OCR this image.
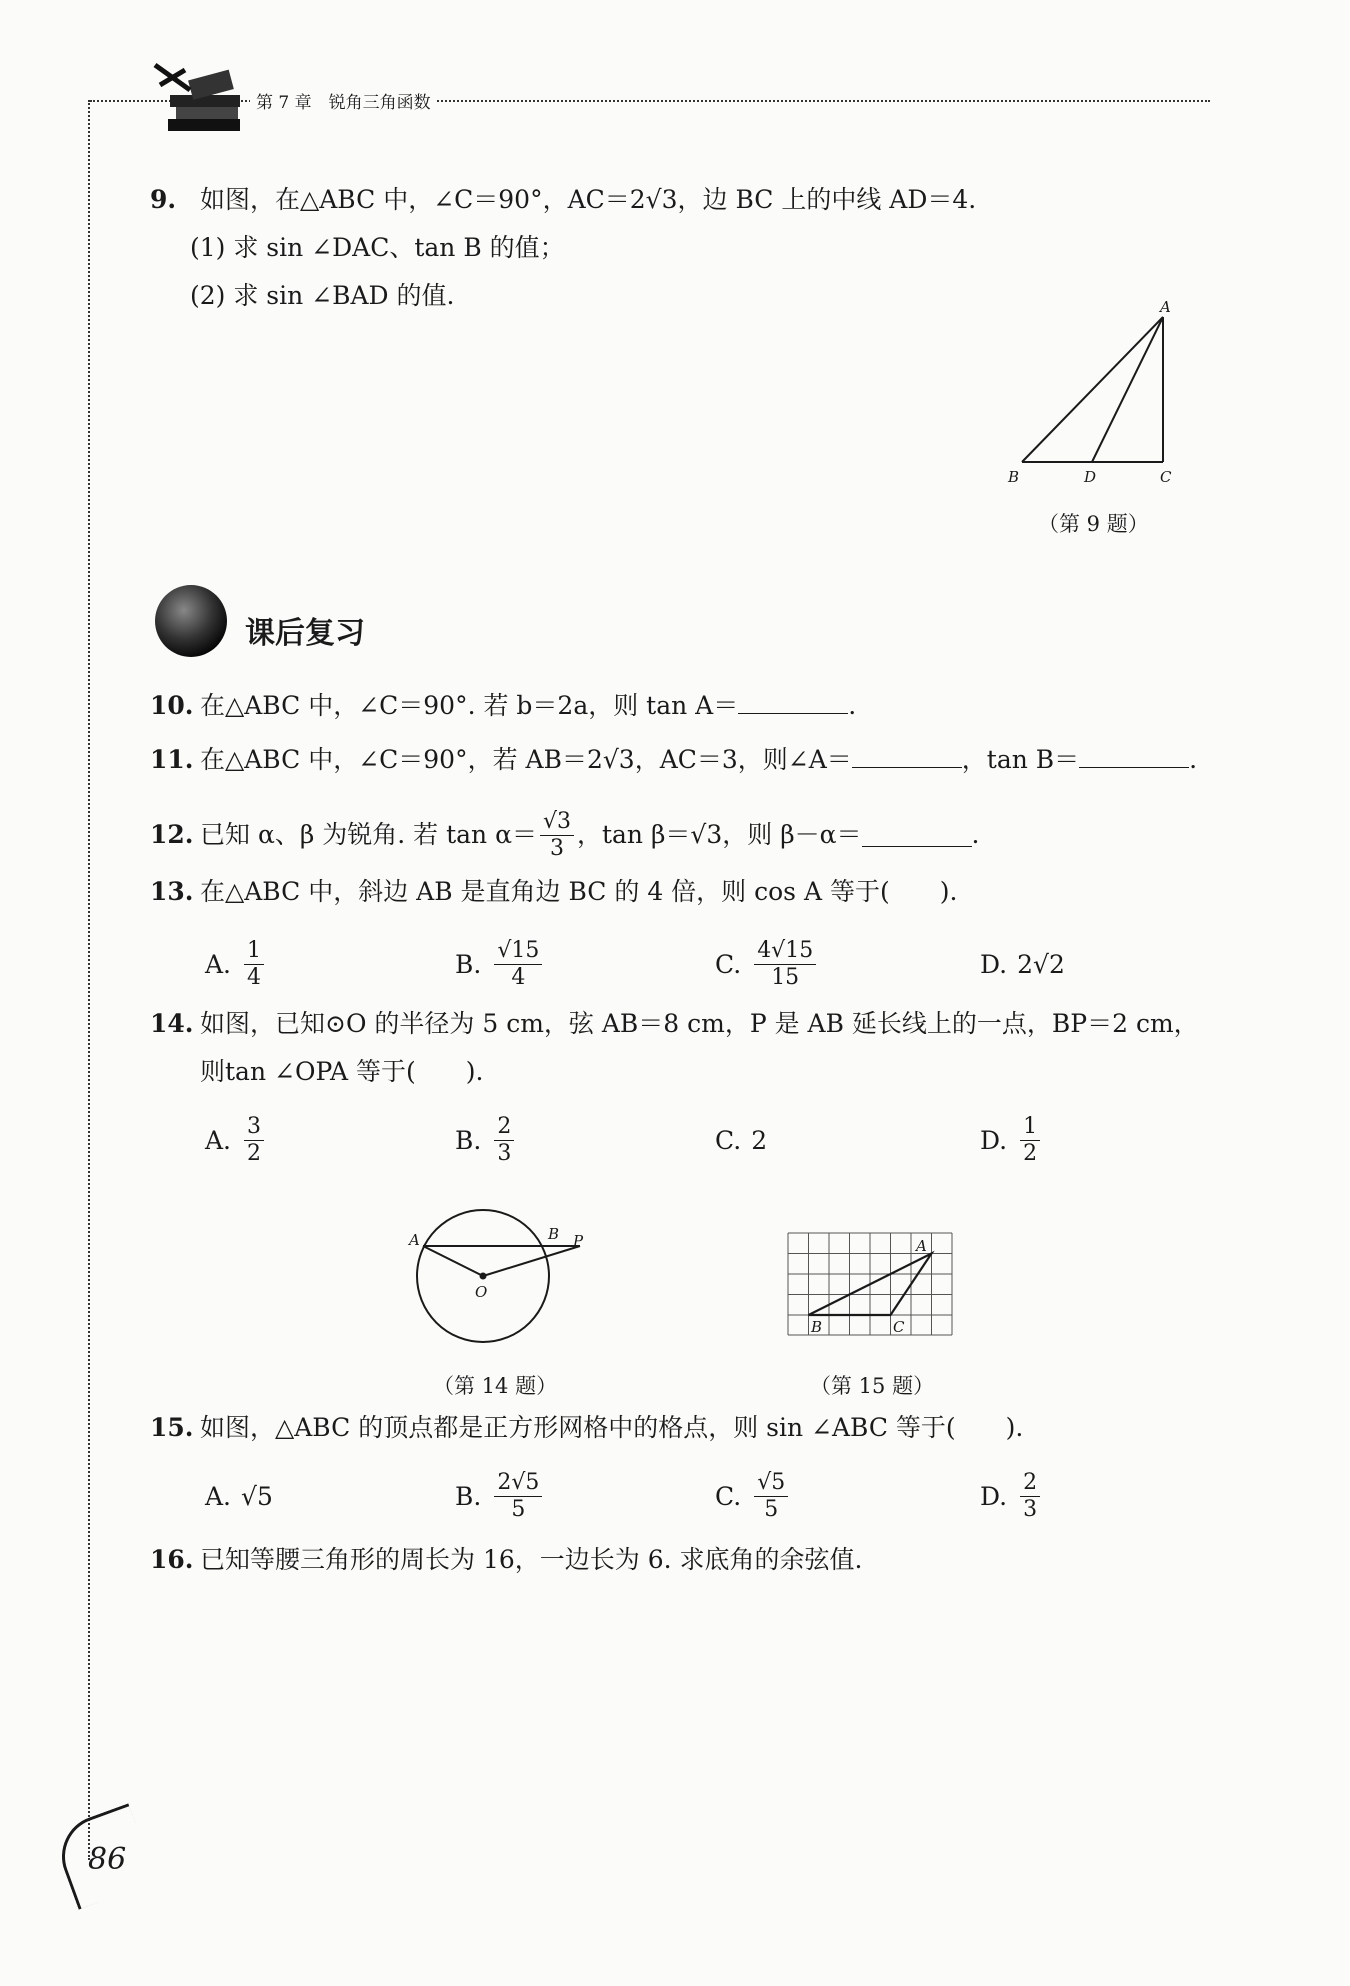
第 7 章　锐角三角函数
9. 如图，在△ABC 中，∠C＝90°，AC＝2√3，边 BC 上的中线 AD＝4.
(1) 求 sin ∠DAC、tan B 的值；
(2) 求 sin ∠BAD 的值.	A
B	D	C
（第 9 题）
课后复习
10. 在△ABC 中，∠C＝90°. 若 b＝2a，则 tan A＝	.
11. 在△ABC 中，∠C＝90°，若 AB＝2√3，AC＝3，则∠A＝	，tan B＝	.
12. 已知 α、β 为锐角. 若 $\tan \alpha= \frac{√3}{3}$ ，tan β＝√3，则 β－α＝	.
13. 在△ABC 中，斜边 AB 是直角边 BC 的 4 倍，则 cos A 等于(　　).
A. $\frac{1}{4}$	B. $\frac{√15}{4}$	C. $\frac{4√15}{15}$	D. 2√2
14. 如图，已知⊙O 的半径为 5 cm，弦 AB＝8 cm，P 是 AB 延长线上的一点，BP＝2 cm，
则tan ∠OPA 等于(　　).
A. $\frac{3}{2}$	B. $\frac{2}{3}$	C. 2	D. $\frac{1}{2}$
A	B P
O
（第 14 题）
A
B	C
（第 15 题）
15. 如图，△ABC 的顶点都是正方形网格中的格点，则 sin ∠ABC 等于(　　).
A. √5	B. $\frac{2√5}{5}$	C. $\frac{√5}{5}$	D. $\frac{2}{3}$
16. 已知等腰三角形的周长为 16，一边长为 6. 求底角的余弦值.
86
